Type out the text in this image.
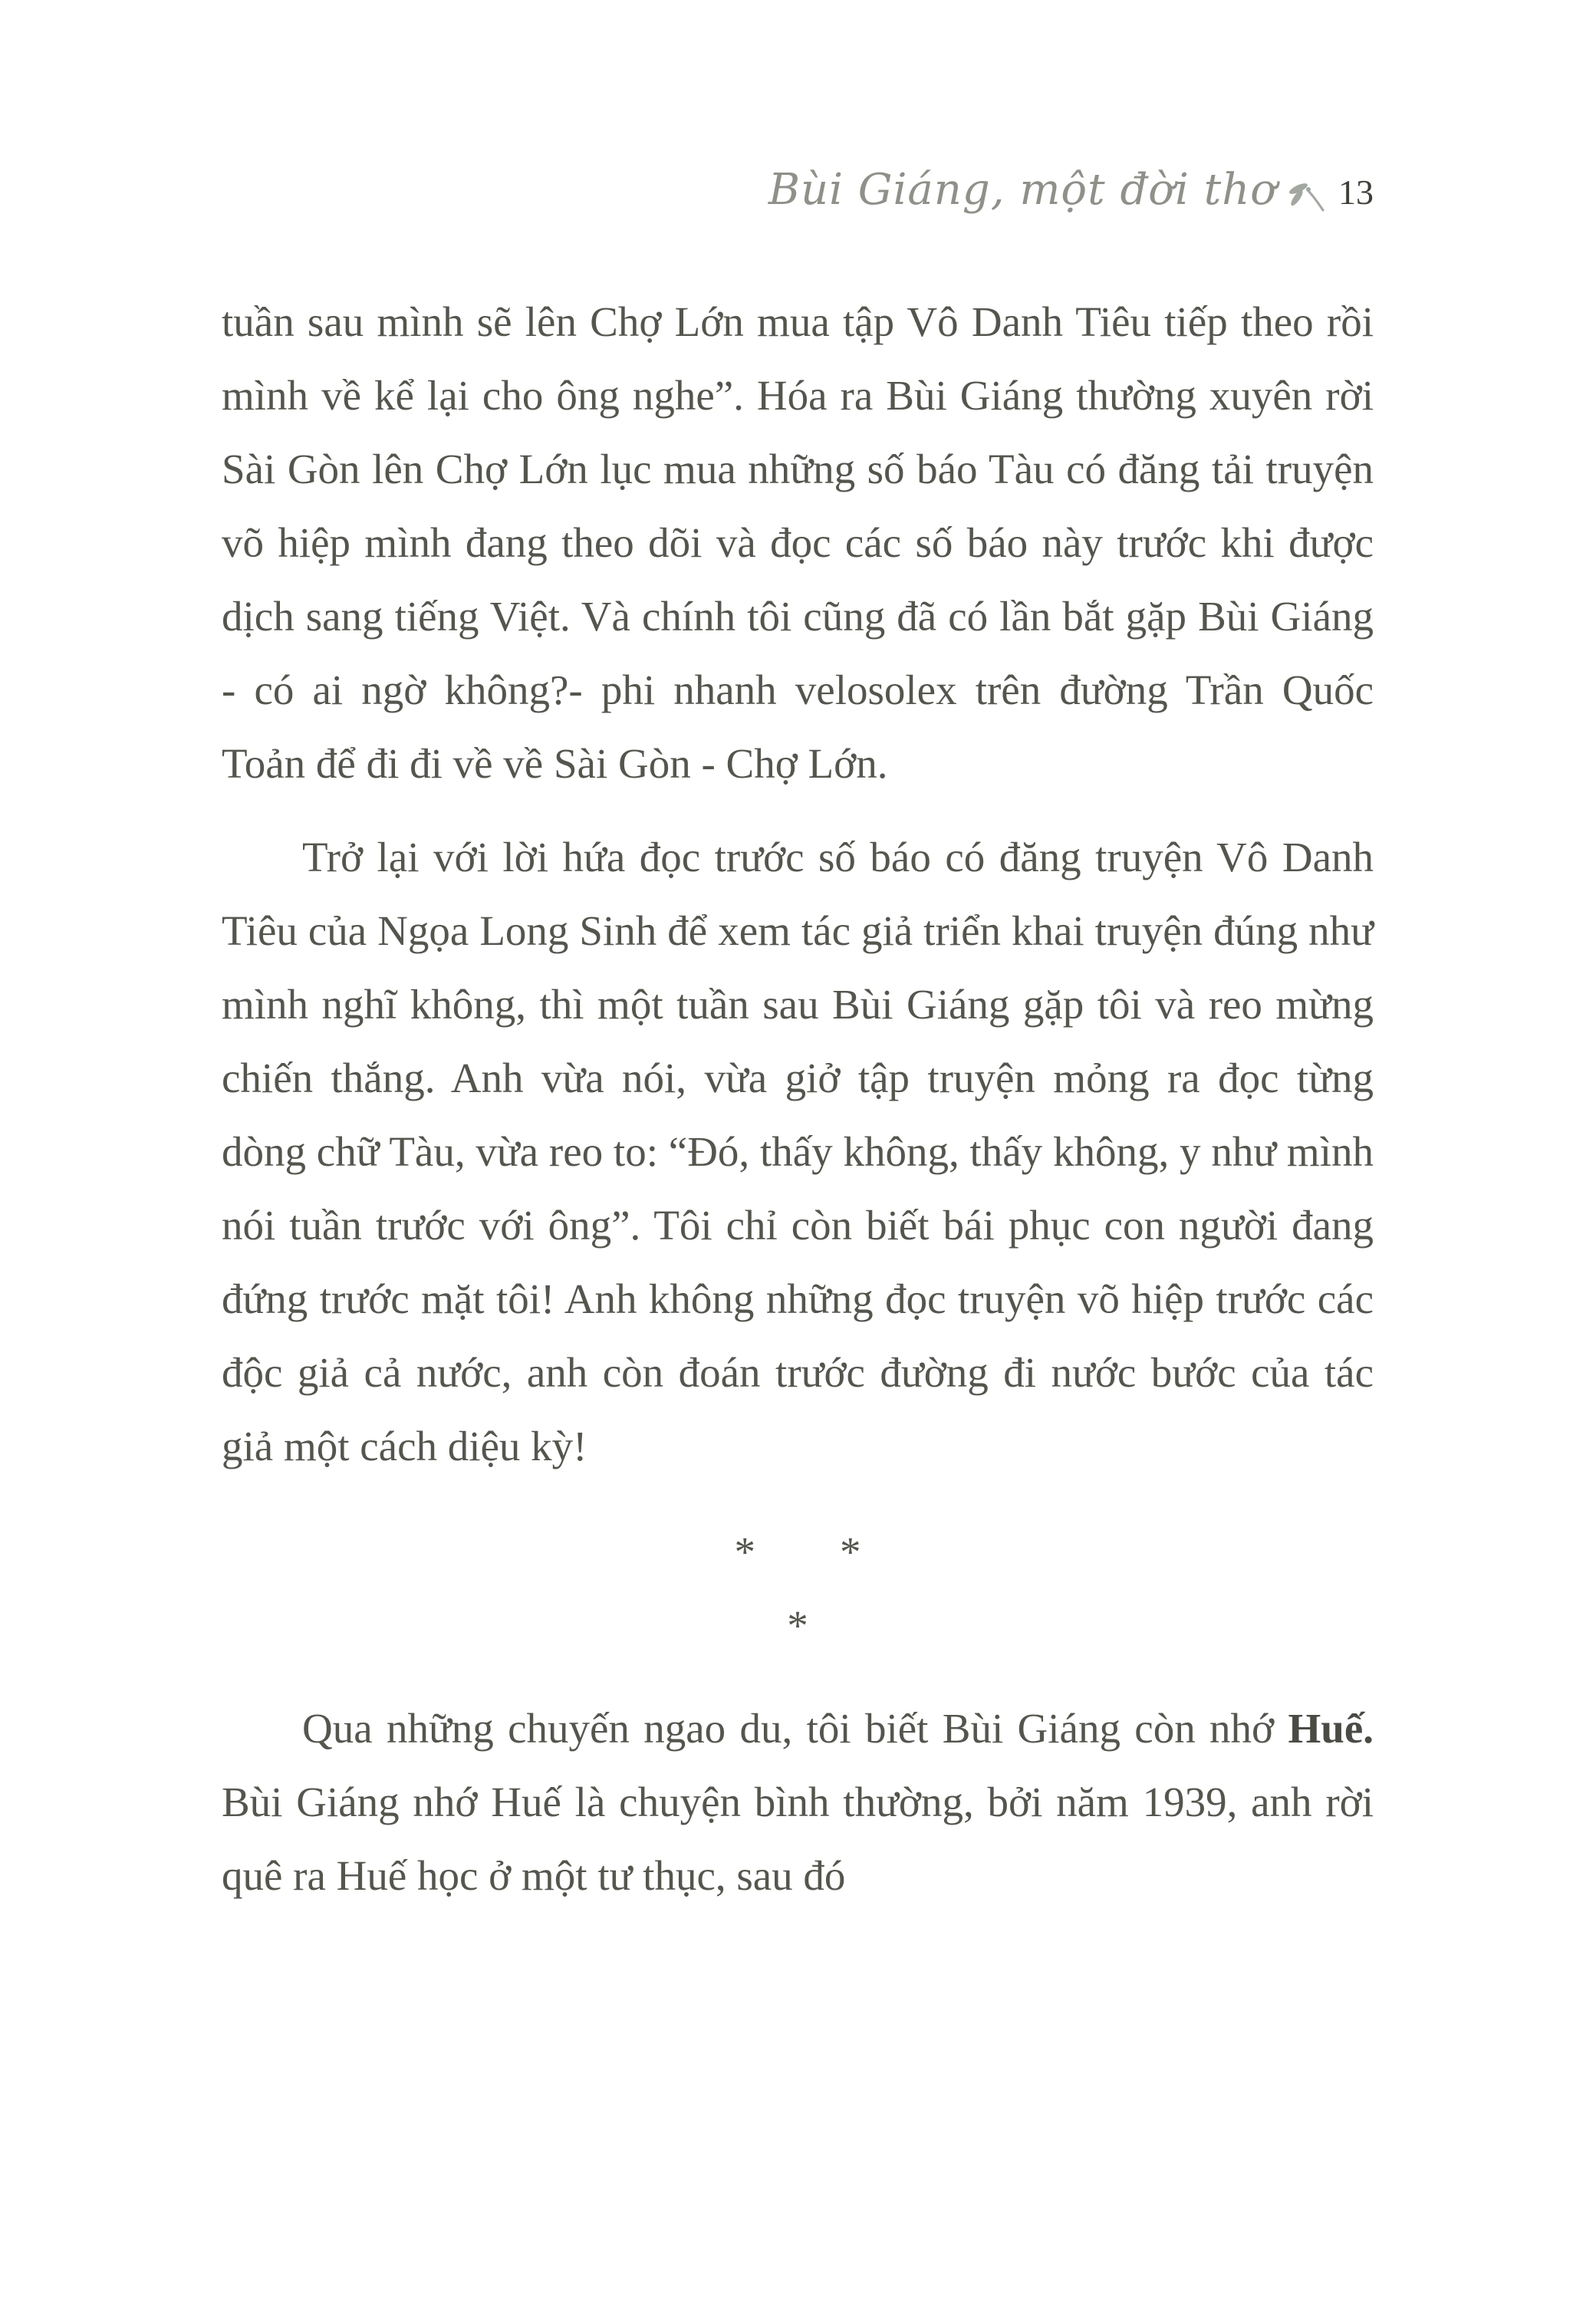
Bùi Giáng, một đời thơ 13

tuần sau mình sẽ lên Chợ Lớn mua tập Vô Danh Tiêu tiếp theo rồi mình về kể lại cho ông nghe”. Hóa ra Bùi Giáng thường xuyên rời Sài Gòn lên Chợ Lớn lục mua những số báo Tàu có đăng tải truyện võ hiệp mình đang theo dõi và đọc các số báo này trước khi được dịch sang tiếng Việt. Và chính tôi cũng đã có lần bắt gặp Bùi Giáng - có ai ngờ không?- phi nhanh velosolex trên đường Trần Quốc Toản để đi đi về về Sài Gòn - Chợ Lớn.

Trở lại với lời hứa đọc trước số báo có đăng truyện Vô Danh Tiêu của Ngọa Long Sinh để xem tác giả triển khai truyện đúng như mình nghĩ không, thì một tuần sau Bùi Giáng gặp tôi và reo mừng chiến thắng. Anh vừa nói, vừa giở tập truyện mỏng ra đọc từng dòng chữ Tàu, vừa reo to: “Đó, thấy không, thấy không, y như mình nói tuần trước với ông”. Tôi chỉ còn biết bái phục con người đang đứng trước mặt tôi! Anh không những đọc truyện võ hiệp trước các độc giả cả nước, anh còn đoán trước đường đi nước bước của tác giả một cách diệu kỳ!

*  *
*

Qua những chuyến ngao du, tôi biết Bùi Giáng còn nhớ Huế. Bùi Giáng nhớ Huế là chuyện bình thường, bởi năm 1939, anh rời quê ra Huế học ở một tư thục, sau đó
